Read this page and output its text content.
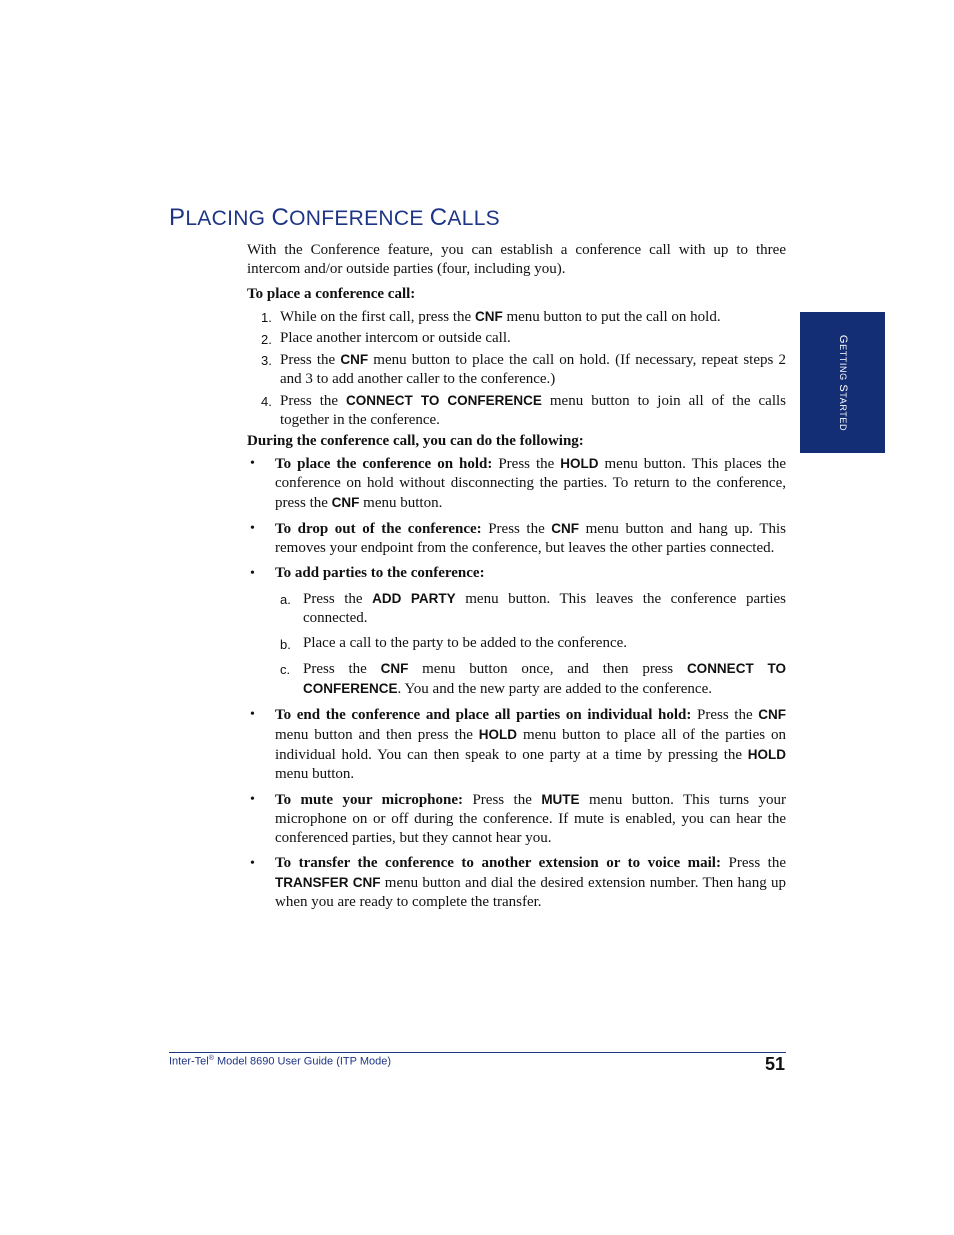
PLACING CONFERENCE CALLS

With the Conference feature, you can establish a conference call with up to three intercom and/or outside parties (four, including you).

To place a conference call:

1. While on the first call, press the CNF menu button to put the call on hold.
2. Place another intercom or outside call.
3. Press the CNF menu button to place the call on hold. (If necessary, repeat steps 2 and 3 to add another caller to the conference.)
4. Press the CONNECT TO CONFERENCE menu button to join all of the calls together in the conference.

During the conference call, you can do the following:

• To place the conference on hold: Press the HOLD menu button. This places the conference on hold without disconnecting the parties. To return to the conference, press the CNF menu button.
• To drop out of the conference: Press the CNF menu button and hang up. This removes your endpoint from the conference, but leaves the other parties connected.
• To add parties to the conference:
a. Press the ADD PARTY menu button. This leaves the conference parties connected.
b. Place a call to the party to be added to the conference.
c. Press the CNF menu button once, and then press CONNECT TO CONFERENCE. You and the new party are added to the conference.
• To end the conference and place all parties on individual hold: Press the CNF menu button and then press the HOLD menu button to place all of the parties on individual hold. You can then speak to one party at a time by pressing the HOLD menu button.
• To mute your microphone: Press the MUTE menu button. This turns your microphone on or off during the conference. If mute is enabled, you can hear the conferenced parties, but they cannot hear you.
• To transfer the conference to another extension or to voice mail: Press the TRANSFER CNF menu button and dial the desired extension number. Then hang up when you are ready to complete the transfer.
GETTING STARTED
Inter-Tel® Model 8690 User Guide (ITP Mode)	51
